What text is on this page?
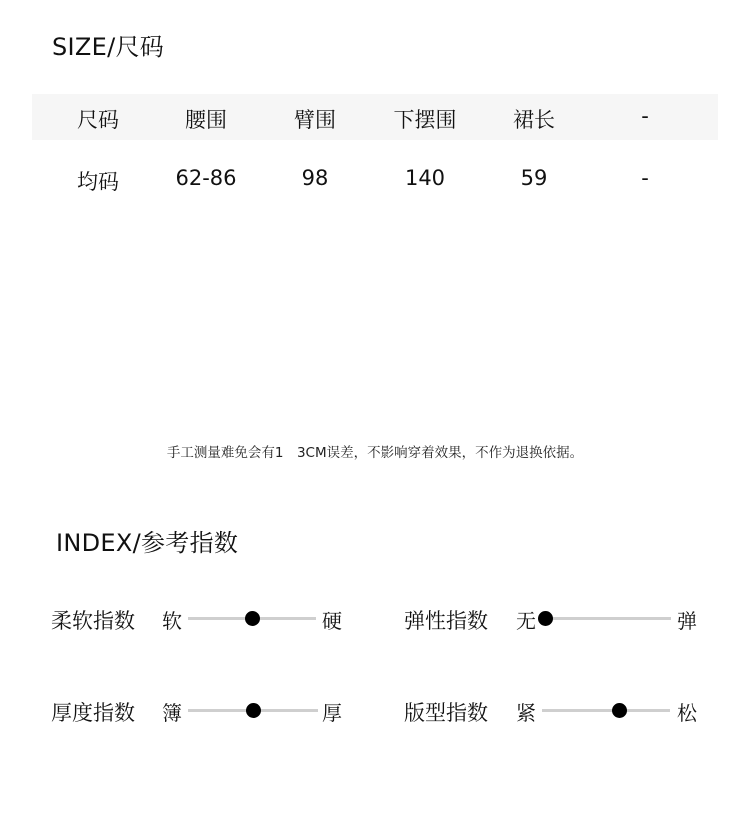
SIZE/尺码
尺码	腰围	臂围	下摆围	裙长	-
均码	62-86	98	140	59	-
手工测量难免会有1　3CM误差，不影响穿着效果，不作为退换依据。
INDEX/参考指数
柔软指数 软	硬	弹性指数 无	弹
厚度指数 簿	厚	版型指数 紧	松
